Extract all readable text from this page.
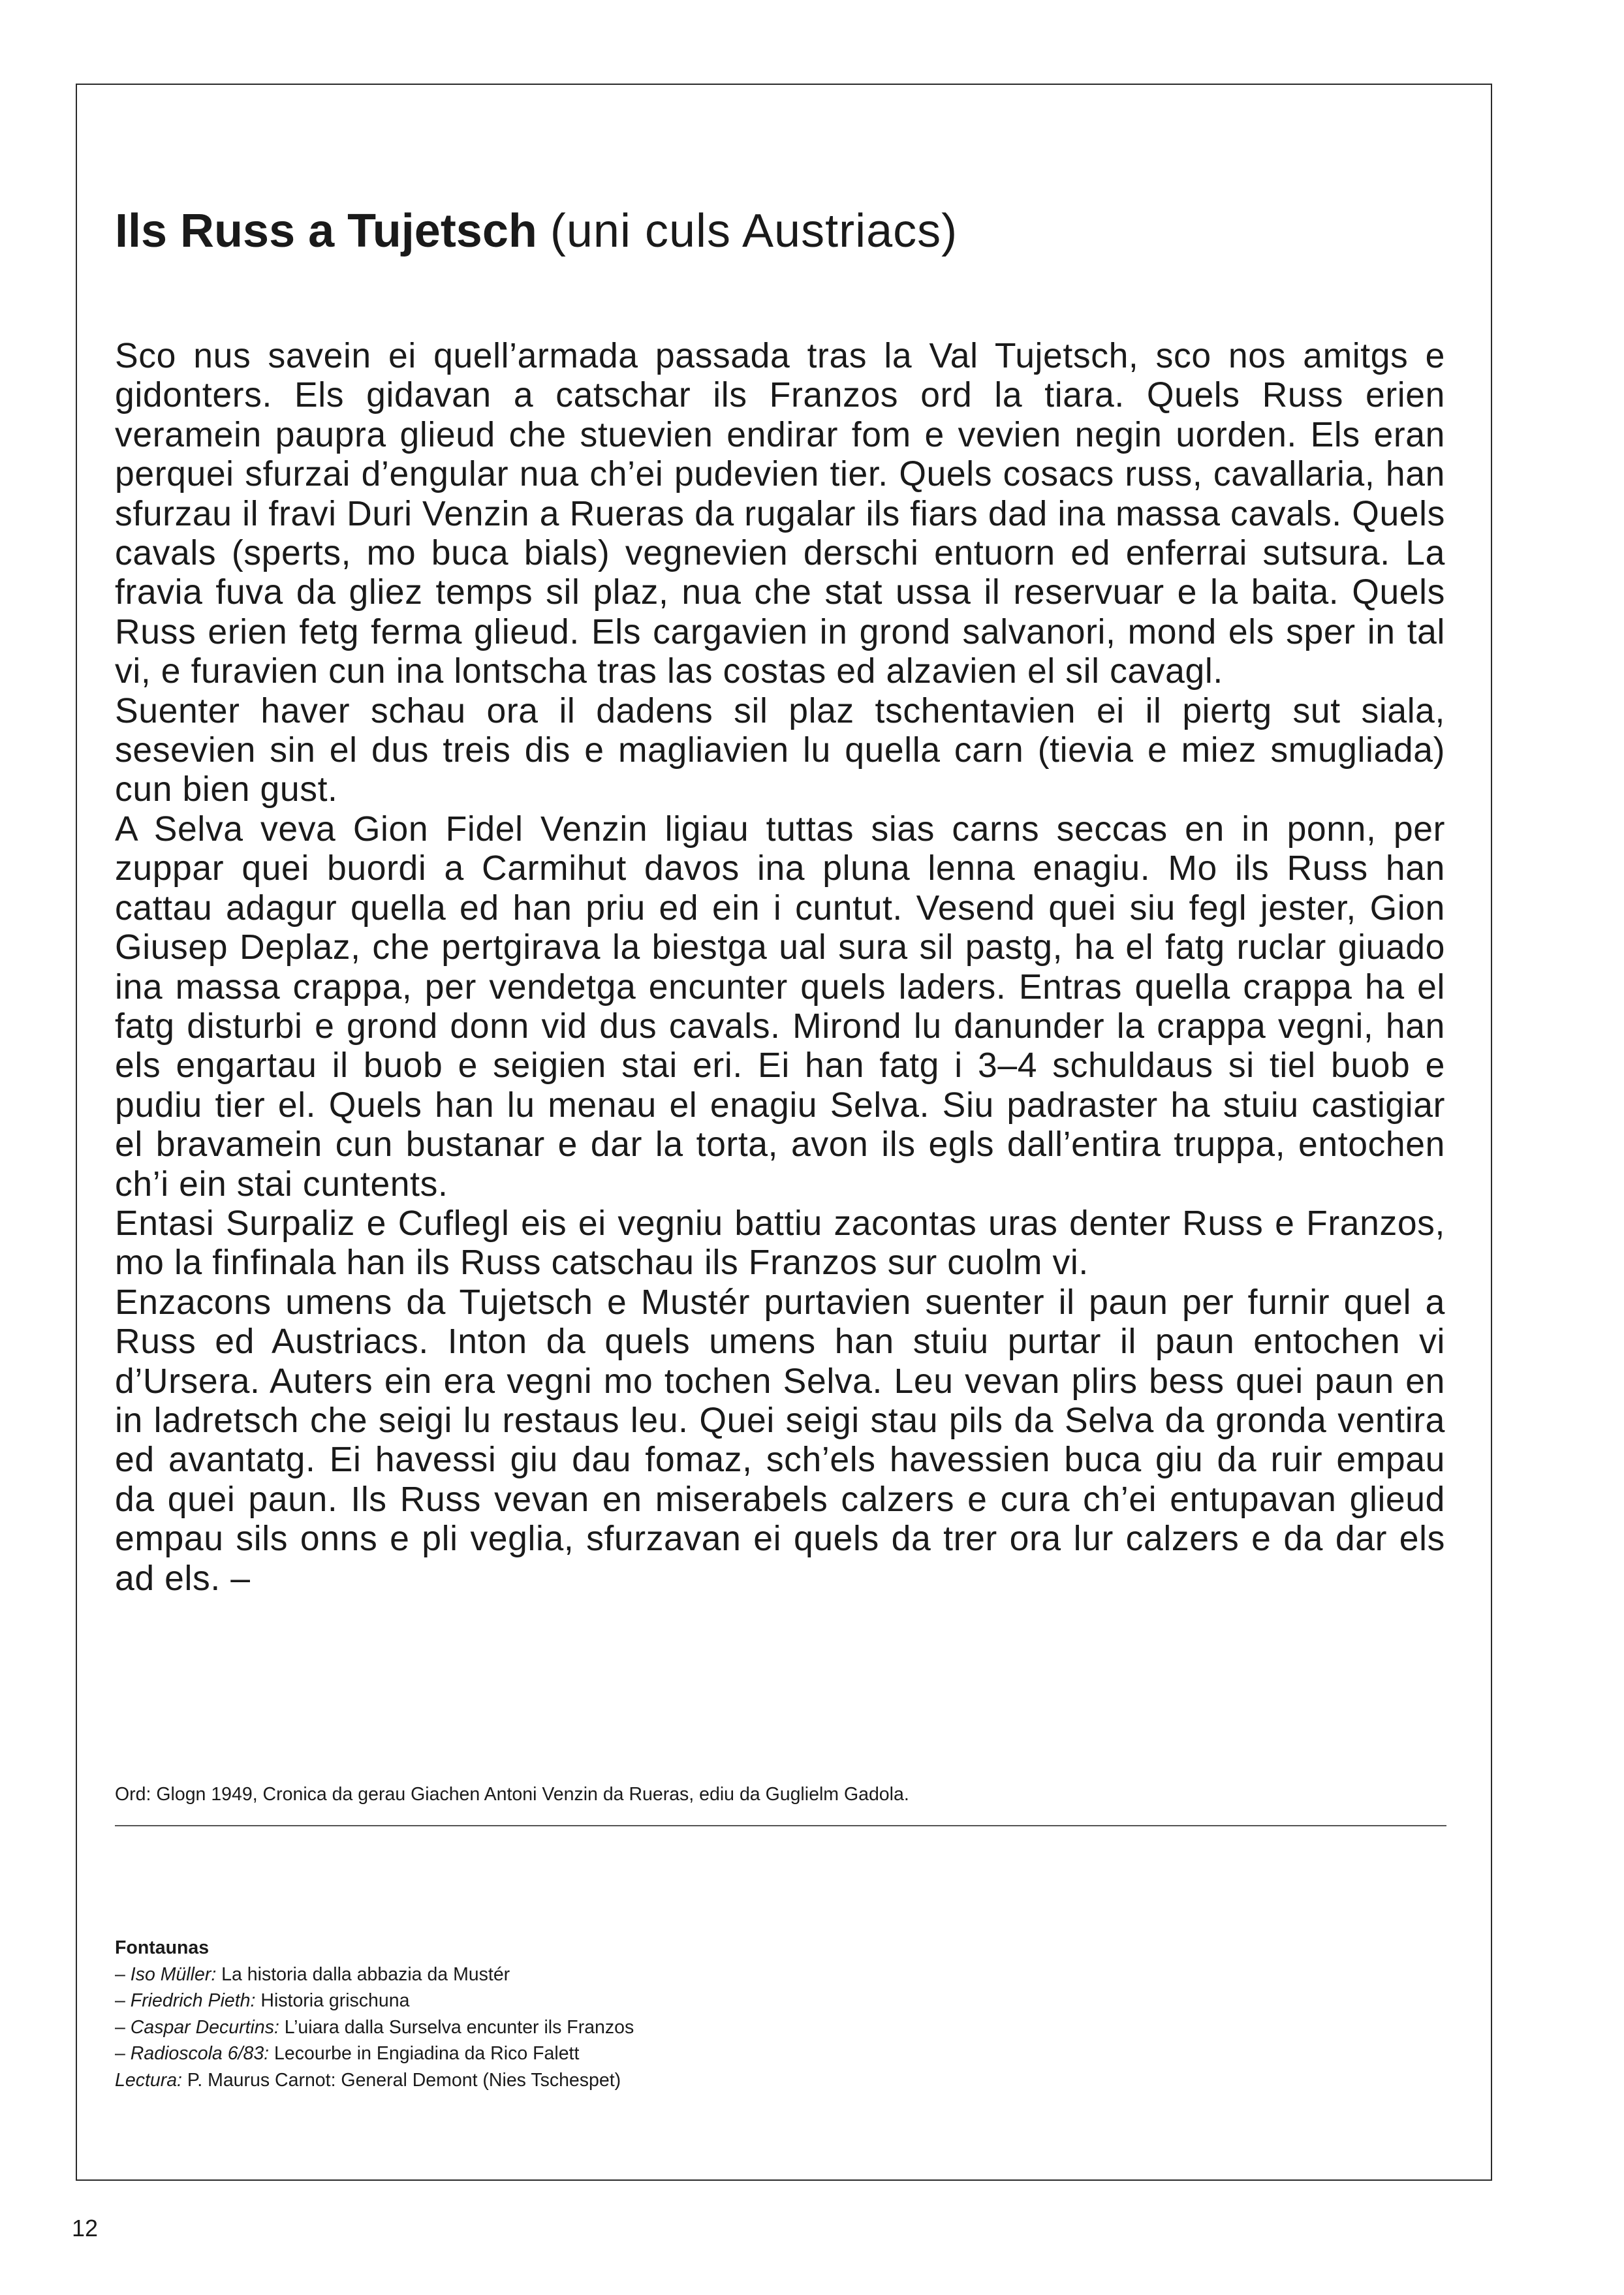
Ils Russ a Tujetsch (uni culs Austriacs)

Sco nus savein ei quell’armada passada tras la Val Tujetsch, sco nos amitgs e gidonters. Els gidavan a catschar ils Franzos ord la tiara. Quels Russ erien veramein paupra glieud che stuevien endirar fom e vevien negin uorden. Els eran perquei sfurzai d’engular nua ch’ei pudevien tier. Quels cosacs russ, cavallaria, han sfurzau il fravi Duri Venzin a Rueras da rugalar ils fiars dad ina massa cavals. Quels cavals (sperts, mo buca bials) vegnevien derschi entuorn ed enferrai sutsura. La fravia fuva da gliez temps sil plaz, nua che stat ussa il reservuar e la baita. Quels Russ erien fetg ferma glieud. Els cargavien in grond salvanori, mond els sper in tal vi, e furavien cun ina lontscha tras las costas ed alzavien el sil cavagl.

Suenter haver schau ora il dadens sil plaz tschentavien ei il piertg sut siala, sesevien sin el dus treis dis e magliavien lu quella carn (tievia e miez smugliada) cun bien gust.

A Selva veva Gion Fidel Venzin ligiau tuttas sias carns seccas en in ponn, per zuppar quei buordi a Carmihut davos ina pluna lenna enagiu. Mo ils Russ han cattau adagur quella ed han priu ed ein i cuntut. Vesend quei siu fegl jester, Gion Giusep Deplaz, che pertgirava la biestga ual sura sil pastg, ha el fatg ruclar giuado ina massa crappa, per vendetga encunter quels laders. Entras quella crappa ha el fatg disturbi e grond donn vid dus cavals. Mirond lu danunder la crappa vegni, han els engartau il buob e seigien stai eri. Ei han fatg i 3–4 schuldaus si tiel buob e pudiu tier el. Quels han lu menau el enagiu Selva. Siu padraster ha stuiu castigiar el bravamein cun bustanar e dar la torta, avon ils egls dall’entira truppa, entochen ch’i ein stai cuntents.

Entasi Surpaliz e Cuflegl eis ei vegniu battiu zacontas uras denter Russ e Franzos, mo la finfinala han ils Russ catschau ils Franzos sur cuolm vi.

Enzacons umens da Tujetsch e Mustér purtavien suenter il paun per furnir quel a Russ ed Austriacs. Inton da quels umens han stuiu purtar il paun entochen vi d’Ursera. Auters ein era vegni mo tochen Selva. Leu vevan plirs bess quei paun en in ladretsch che seigi lu restaus leu. Quei seigi stau pils da Selva da gronda ventira ed avantatg. Ei havessi giu dau fomaz, sch’els havessien buca giu da ruir empau da quei paun. Ils Russ vevan en miserabels calzers e cura ch’ei entupavan glieud empau sils onns e pli veglia, sfurzavan ei quels da trer ora lur calzers e da dar els ad els. –

Ord: Glogn 1949, Cronica da gerau Giachen Antoni Venzin da Rueras, ediu da Guglielm Gadola.
Fontaunas
– Iso Müller: La historia dalla abbazia da Mustér
– Friedrich Pieth: Historia grischuna
– Caspar Decurtins: L’uiara dalla Surselva encunter ils Franzos
– Radioscola 6/83: Lecourbe in Engiadina da Rico Falett
Lectura: P. Maurus Carnot: General Demont (Nies Tschespet)
12
